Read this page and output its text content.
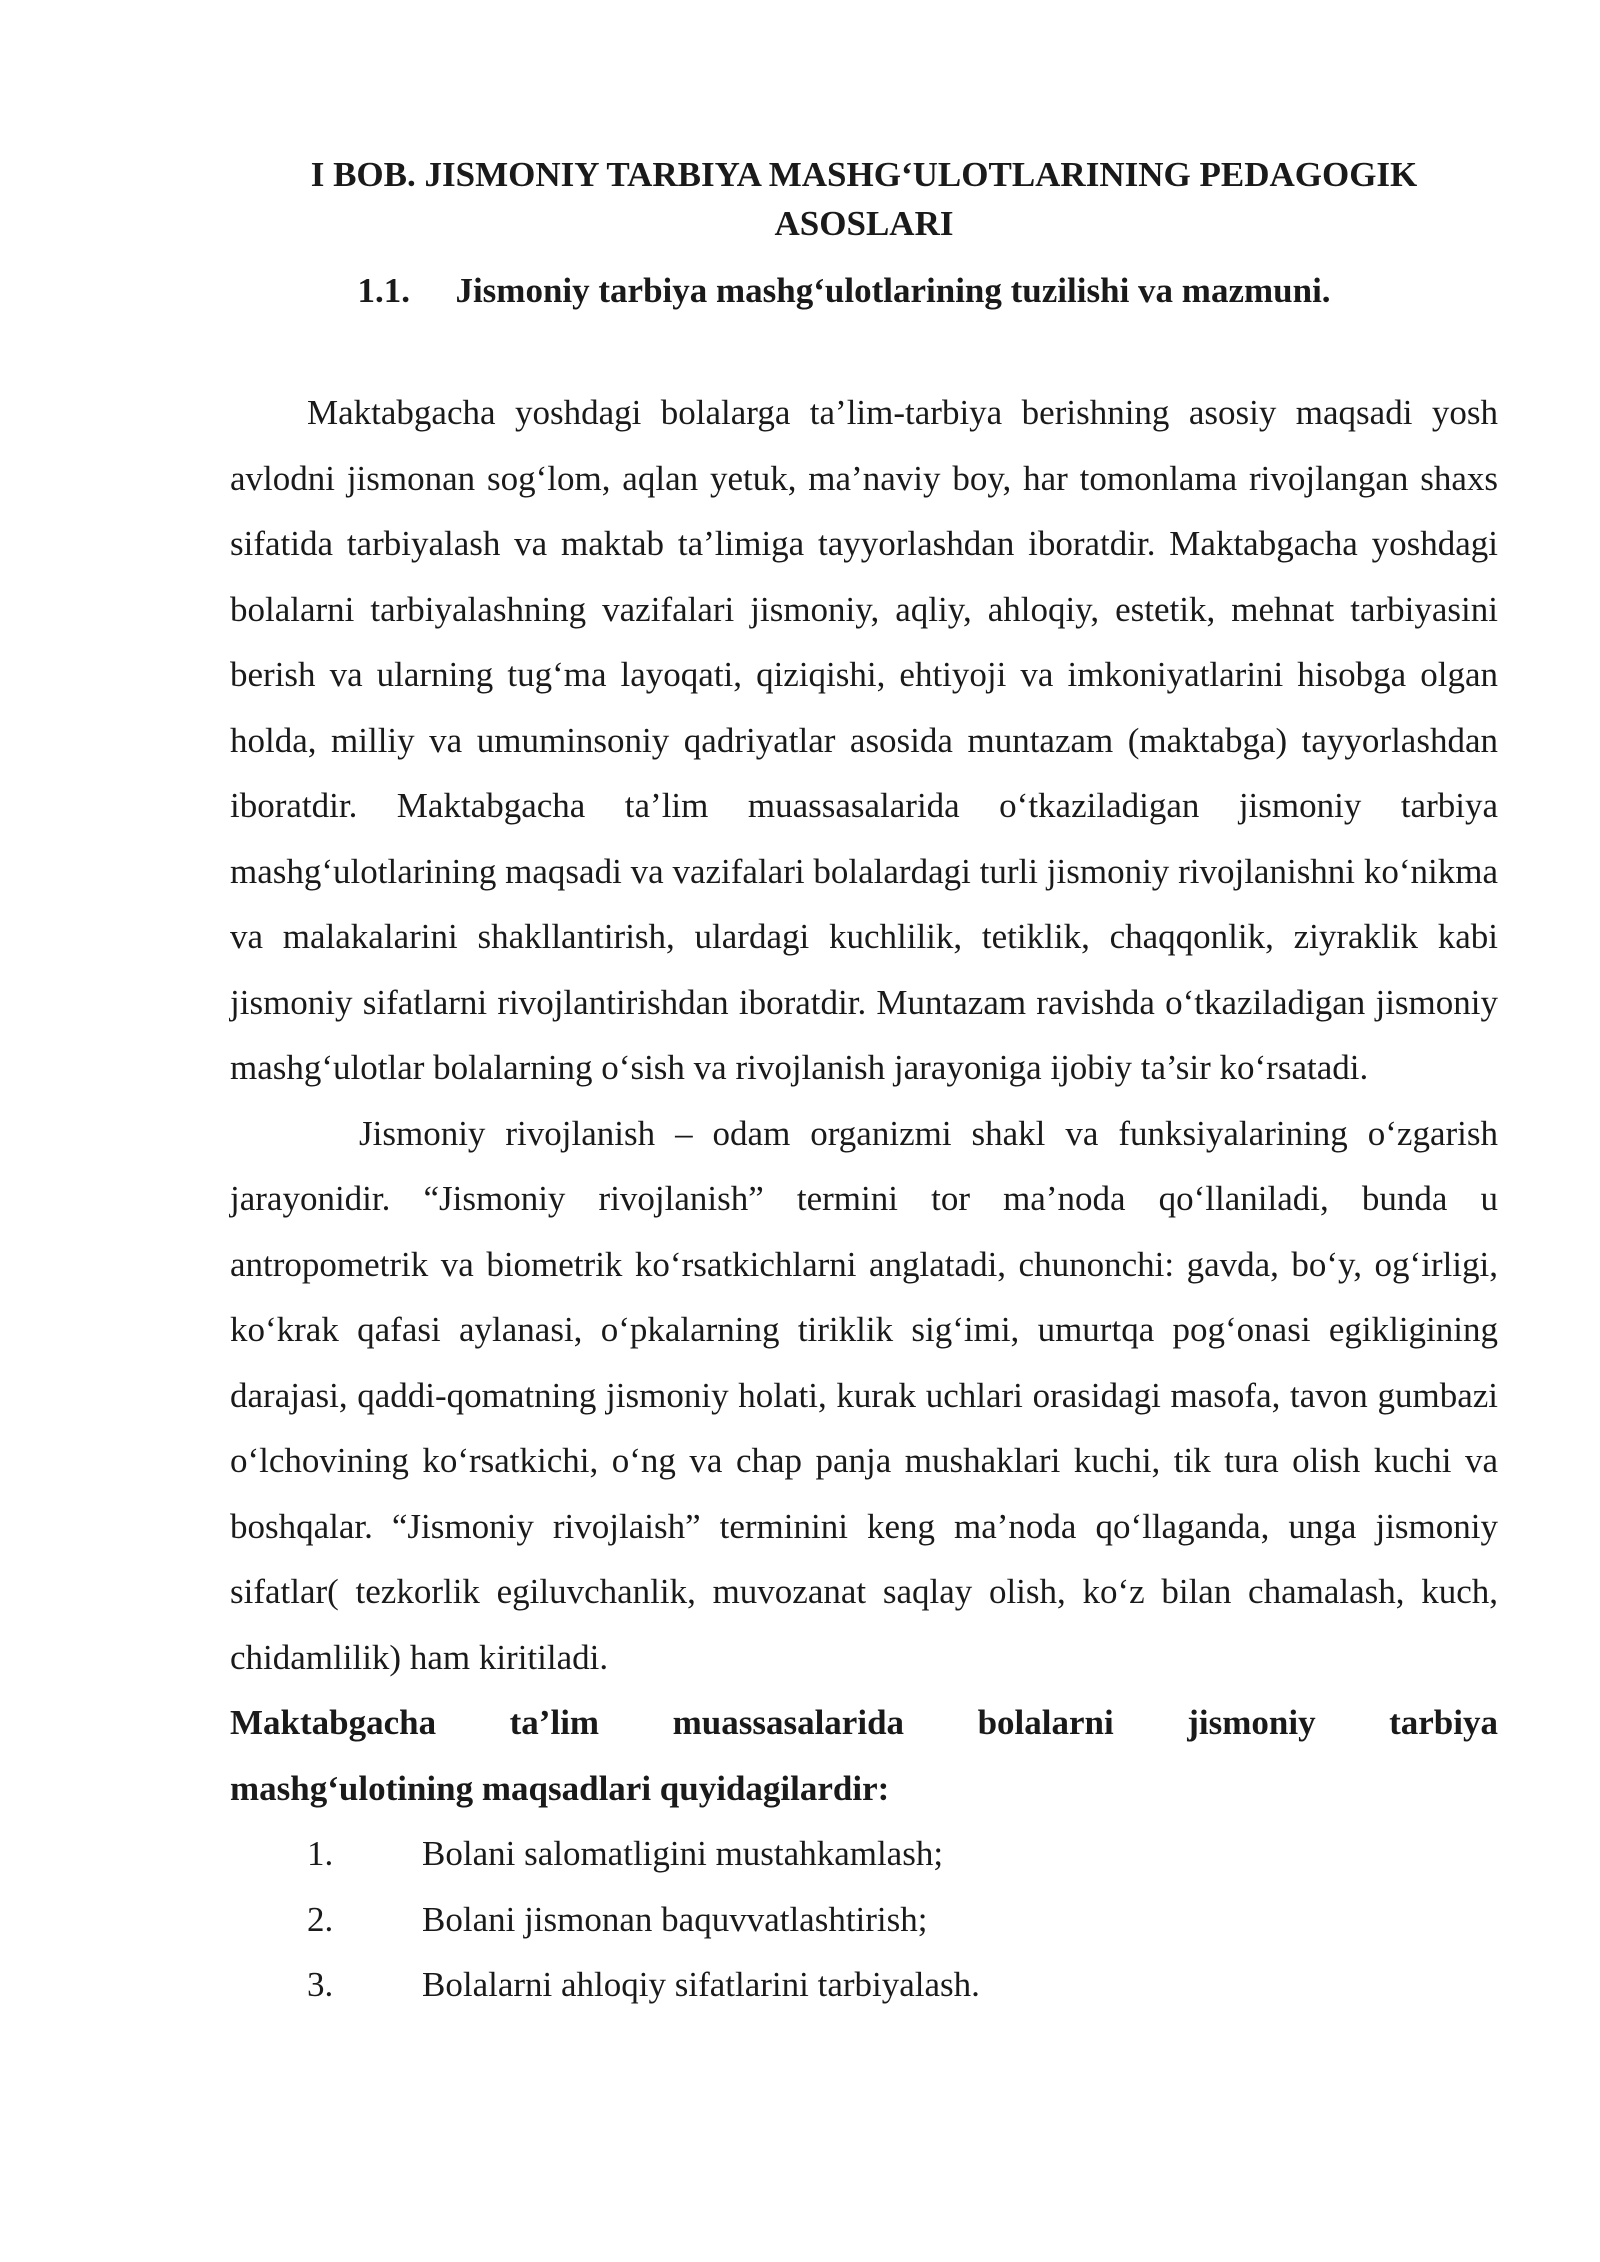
I BOB. JISMONIY TARBIYA MASHG‘ULOTLARINING PEDAGOGIK ASOSLARI
1.1. Jismoniy tarbiya mashg‘ulotlarining tuzilishi va mazmuni.

Maktabgacha yoshdagi bolalarga ta’lim-tarbiya berishning asosiy maqsadi yosh avlodni jismonan sog‘lom, aqlan yetuk, ma’naviy boy, har tomonlama rivojlangan shaxs sifatida tarbiyalash va maktab ta’limiga tayyorlashdan iboratdir. Maktabgacha yoshdagi bolalarni tarbiyalashning vazifalari jismoniy, aqliy, ahloqiy, estetik, mehnat tarbiyasini berish va ularning tug‘ma layoqati, qiziqishi, ehtiyoji va imkoniyatlarini hisobga olgan holda, milliy va umuminsoniy qadriyatlar asosida muntazam (maktabga) tayyorlashdan iboratdir. Maktabgacha ta’lim muassasalarida o‘tkaziladigan jismoniy tarbiya mashg‘ulotlarining maqsadi va vazifalari bolalardagi turli jismoniy rivojlanishni ko‘nikma va malakalarini shakllantirish, ulardagi kuchlilik, tetiklik, chaqqonlik, ziyraklik kabi jismoniy sifatlarni rivojlantirishdan iboratdir. Muntazam ravishda o‘tkaziladigan jismoniy mashg‘ulotlar bolalarning o‘sish va rivojlanish jarayoniga ijobiy ta’sir ko‘rsatadi.

Jismoniy rivojlanish – odam organizmi shakl va funksiyalarining o‘zgarish jarayonidir. “Jismoniy rivojlanish” termini tor ma’noda qo‘llaniladi, bunda u antropometrik va biometrik ko‘rsatkichlarni anglatadi, chunonchi: gavda, bo‘y, og‘irligi, ko‘krak qafasi aylanasi, o‘pkalarning tiriklik sig‘imi, umurtqa pog‘onasi egikligining darajasi, qaddi-qomatning jismoniy holati, kurak uchlari orasidagi masofa, tavon gumbazi o‘lchovining ko‘rsatkichi, o‘ng va chap panja mushaklari kuchi, tik tura olish kuchi va boshqalar. “Jismoniy rivojlaish” terminini keng ma’noda qo‘llaganda, unga jismoniy sifatlar( tezkorlik egiluvchanlik, muvozanat saqlay olish, ko‘z bilan chamalash, kuch, chidamlilik) ham kiritiladi.

Maktabgacha ta’lim muassasalarida bolalarni jismoniy tarbiya
mashg‘ulotining maqsadlari quyidagilardir:
1.	Bolani salomatligini mustahkamlash;
2.	Bolani jismonan baquvvatlashtirish;
3.	Bolalarni ahloqiy sifatlarini tarbiyalash.
